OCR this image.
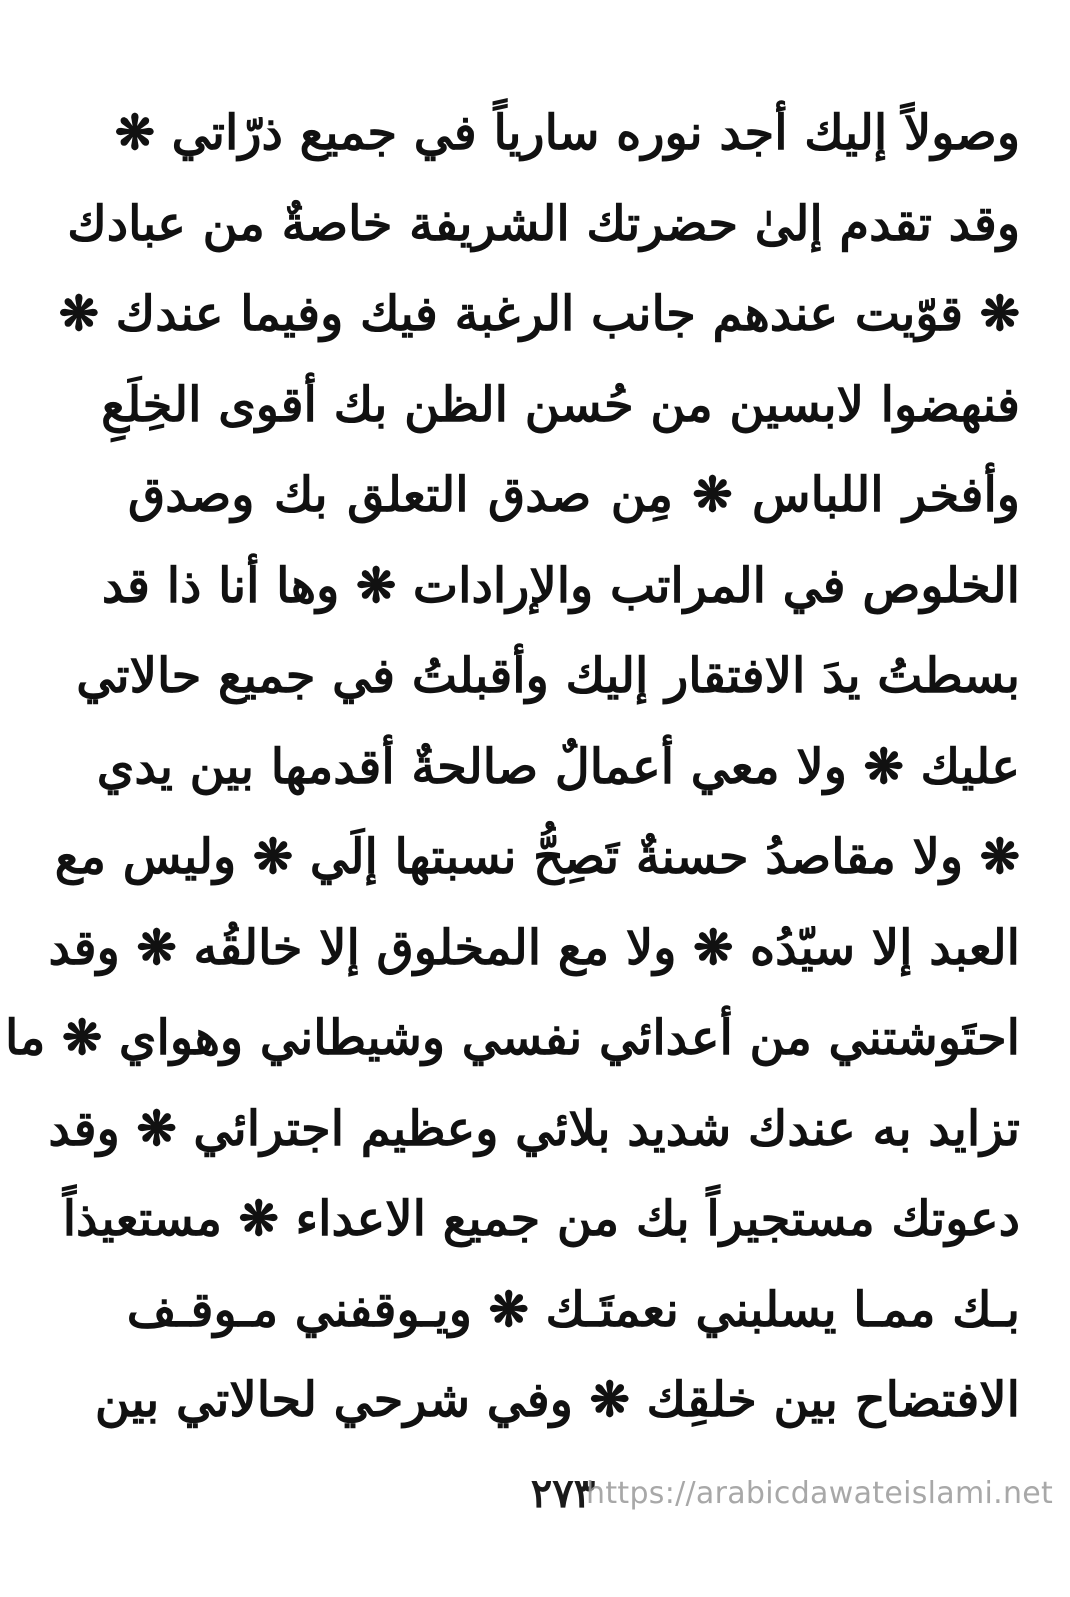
وصولاً إليك أجد نوره سارياً في جميع ذرّاتي ❋
وقد تقدم إلىٰ حضرتك الشريفة خاصةٌ من عبادك
❋ قوّيت عندهم جانب الرغبة فيك وفيما عندك ❋
فنهضوا لابسين من حُسن الظن بك أقوى الخِلَعِ
وأفخر اللباس ❋ مِن صدق التعلق بك وصدق
الخلوص في المراتب والإرادات ❋ وها أنا ذا قد
بسطتُ يدَ الافتقار إليك وأقبلتُ في جميع حالاتي
عليك ❋ ولا معي أعمالٌ صالحةٌ أقدمها بين يدي
❋ ولا مقاصدُ حسنةٌ تَصِحُّ نسبتها إلَي ❋ وليس مع
العبد إلا سيّدُه ❋ ولا مع المخلوق إلا خالقُه ❋ وقد
احتَوشتني من أعدائي نفسي وشيطاني وهواي ❋ ما
تزايد به عندك شديد بلائي وعظيم اجترائي ❋ وقد
دعوتك مستجيراً بك من جميع الاعداء ❋ مستعيذاً
بـك ممـا يسلبني نعمتَـك ❋ ويـوقفني مـوقـف
الافتضاح بين خلقِك ❋ وفي شرحي لحالاتي بين
٢٧٣
https://arabicdawateislami.net
